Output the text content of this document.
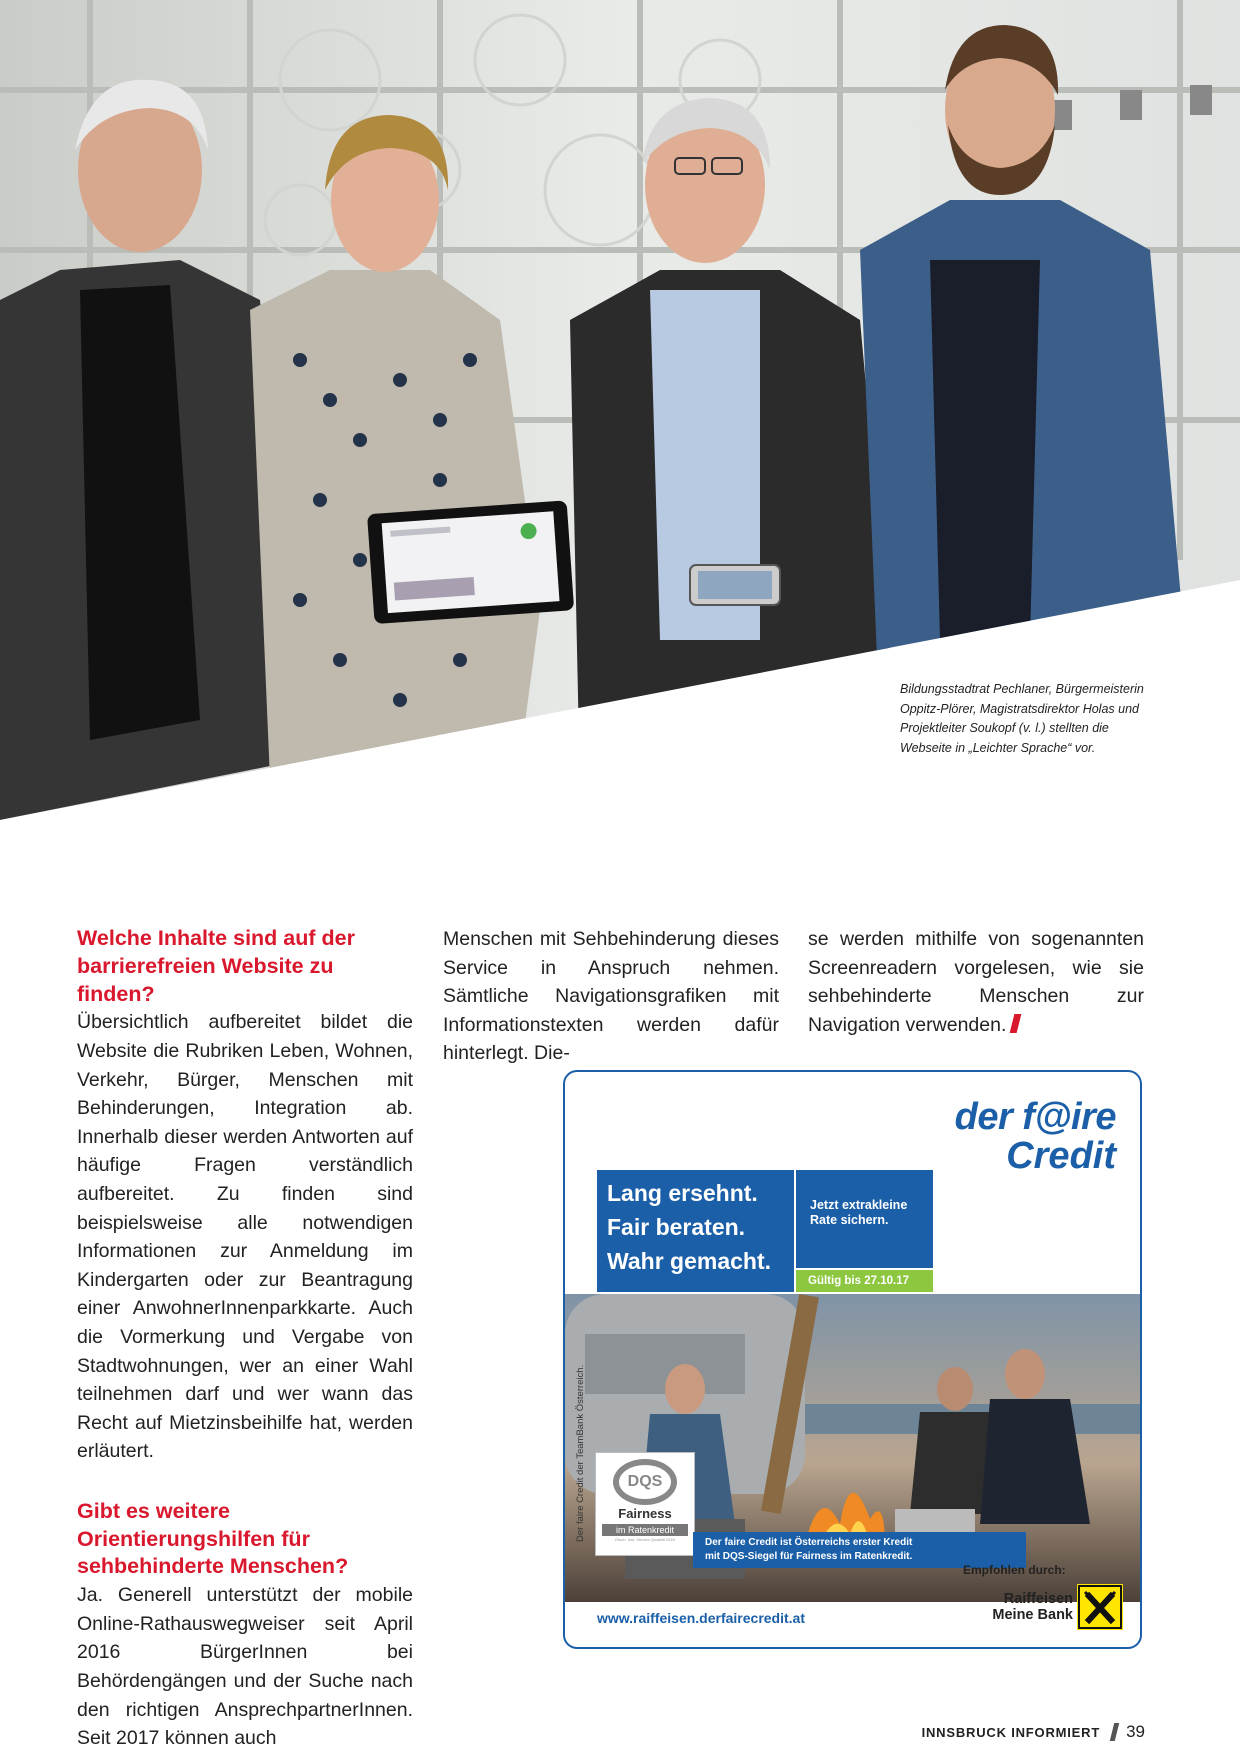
Bildungsstadtrat Pechlaner, Bürgermeisterin Oppitz-Plörer, Magistratsdirektor Holas und Projektleiter Soukopf (v. l.) stellten die Webseite in „Leichter Sprache“ vor.
Welche Inhalte sind auf der barrierefreien Website zu finden?

Übersichtlich aufbereitet bildet die Website die Rubriken Leben, Wohnen, Verkehr, Bürger, Menschen mit Behinderungen, Integration ab. Innerhalb dieser werden Antworten auf häufige Fragen verständlich aufbereitet. Zu finden sind beispielsweise alle notwendigen Informationen zur Anmeldung im Kindergarten oder zur Beantragung einer AnwohnerInnenparkkarte. Auch die Vormerkung und Vergabe von Stadtwohnungen, wer an einer Wahl teilnehmen darf und wer wann das Recht auf Mietzinsbeihilfe hat, werden erläutert.

Gibt es weitere Orientierungshilfen für sehbehinderte Menschen?

Ja. Generell unterstützt der mobile Online-Rathauswegweiser seit April 2016 BürgerInnen bei Behördengängen und der Suche nach den richtigen AnsprechpartnerInnen. Seit 2017 können auch

Menschen mit Sehbehinderung dieses Service in Anspruch nehmen. Sämtliche Navigationsgrafiken mit Informationstexten werden dafür hinterlegt. Die-

se werden mithilfe von sogenannten Screenreadern vorgelesen, wie sie sehbehinderte Menschen zur Navigation verwenden.

der f@ire
Credit
Lang ersehnt.
Fair beraten.
Wahr gemacht.
Jetzt extrakleine
Rate sichern.
Gültig bis 27.10.17
Der faire Credit der TeamBank Österreich.	DQS
Fairness
im Ratenkredit
Dtsch. Inst. Service-Qualität 2016	Der faire Credit ist Österreichs erster Kredit
mit DQS-Siegel für Fairness im Ratenkredit.
www.raiffeisen.derfairecredit.at
Empfohlen durch:
Raiffeisen
Meine Bank
INNSBRUCK INFORMIERT 39
